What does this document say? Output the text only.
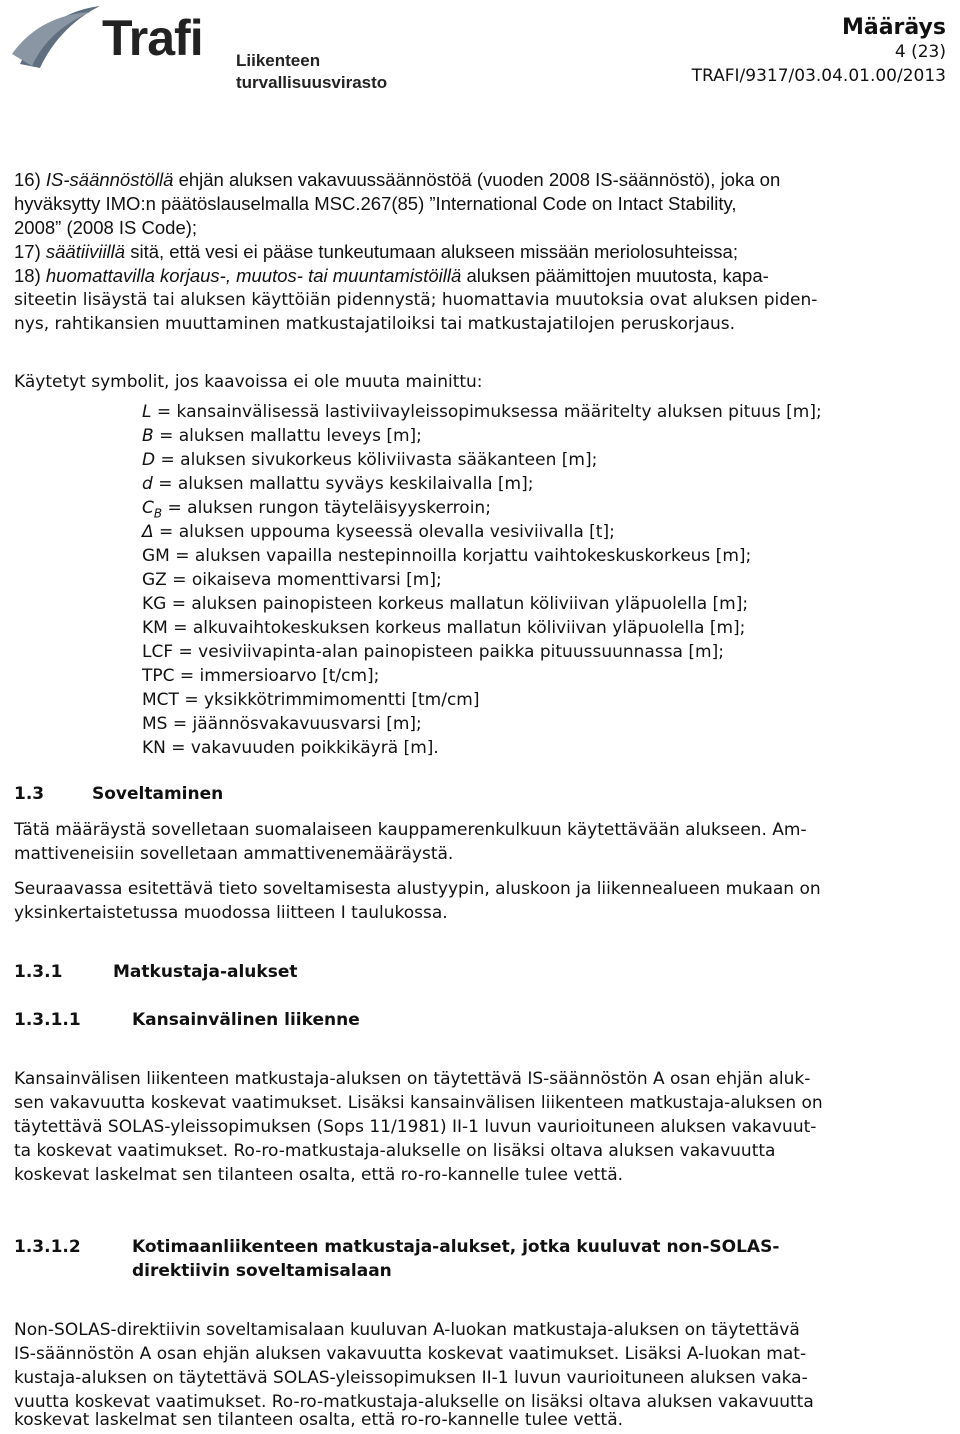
Trafi Liikenteen turvallisuusvirasto
Määräys
4 (23)
TRAFI/9317/03.04.01.00/2013
16) IS-säännöstöllä ehjän aluksen vakavuussäännöstöä (vuoden 2008 IS-säännöstö), joka on
hyväksytty IMO:n päätöslauselmalla MSC.267(85) ”International Code on Intact Stability,
2008” (2008 IS Code);
17) säätiiviillä sitä, että vesi ei pääse tunkeutumaan alukseen missään meriolosuhteissa;
18) huomattavilla korjaus-, muutos- tai muuntamistöillä aluksen päämittojen muutosta, kapa-
siteetin lisäystä tai aluksen käyttöiän pidennystä; huomattavia muutoksia ovat aluksen piden-
nys, rahtikansien muuttaminen matkustajatiloiksi tai matkustajatilojen peruskorjaus.
Käytetyt symbolit, jos kaavoissa ei ole muuta mainittu:
L = kansainvälisessä lastiviivayleissopimuksessa määritelty aluksen pituus [m];
B = aluksen mallattu leveys [m];
D = aluksen sivukorkeus köliviivasta sääkanteen [m];
d = aluksen mallattu syväys keskilaivalla [m];
$C_B$ = aluksen rungon täyteläisyyskerroin;
Δ = aluksen uppouma kyseessä olevalla vesiviivalla [t];
GM = aluksen vapailla nestepinnoilla korjattu vaihtokeskuskorkeus [m];
GZ = oikaiseva momenttivarsi [m];
KG = aluksen painopisteen korkeus mallatun köliviivan yläpuolella [m];
KM = alkuvaihtokeskuksen korkeus mallatun köliviivan yläpuolella [m];
LCF = vesiviivapinta-alan painopisteen paikka pituussuunnassa [m];
TPC = immersioarvo [t/cm];
MCT = yksikkötrimmimomentti [tm/cm]
MS = jäännösvakavuusvarsi [m];
KN = vakavuuden poikkikäyrä [m].
1.3	Soveltaminen
Tätä määräystä sovelletaan suomalaiseen kauppamerenkulkuun käytettävään alukseen. Am-
mattiveneisiin sovelletaan ammattivenemääräystä.
Seuraavassa esitettävä tieto soveltamisesta alustyypin, aluskoon ja liikennealueen mukaan on
yksinkertaistetussa muodossa liitteen I taulukossa.
1.3.1	Matkustaja-alukset
1.3.1.1	Kansainvälinen liikenne
Kansainvälisen liikenteen matkustaja-aluksen on täytettävä IS-säännöstön A osan ehjän aluk-
sen vakavuutta koskevat vaatimukset. Lisäksi kansainvälisen liikenteen matkustaja-aluksen on
täytettävä SOLAS-yleissopimuksen (Sops 11/1981) II-1 luvun vaurioituneen aluksen vakavuut-
ta koskevat vaatimukset. Ro-ro-matkustaja-alukselle on lisäksi oltava aluksen vakavuutta
koskevat laskelmat sen tilanteen osalta, että ro-ro-kannelle tulee vettä.
1.3.1.2	Kotimaanliikenteen matkustaja-alukset, jotka kuuluvat non-SOLAS-
direktiivin soveltamisalaan
Non-SOLAS-direktiivin soveltamisalaan kuuluvan A-luokan matkustaja-aluksen on täytettävä
IS-säännöstön A osan ehjän aluksen vakavuutta koskevat vaatimukset. Lisäksi A-luokan mat-
kustaja-aluksen on täytettävä SOLAS-yleissopimuksen II-1 luvun vaurioituneen aluksen vaka-
vuutta koskevat vaatimukset. Ro-ro-matkustaja-alukselle on lisäksi oltava aluksen vakavuutta
koskevat laskelmat sen tilanteen osalta, että ro-ro-kannelle tulee vettä.
